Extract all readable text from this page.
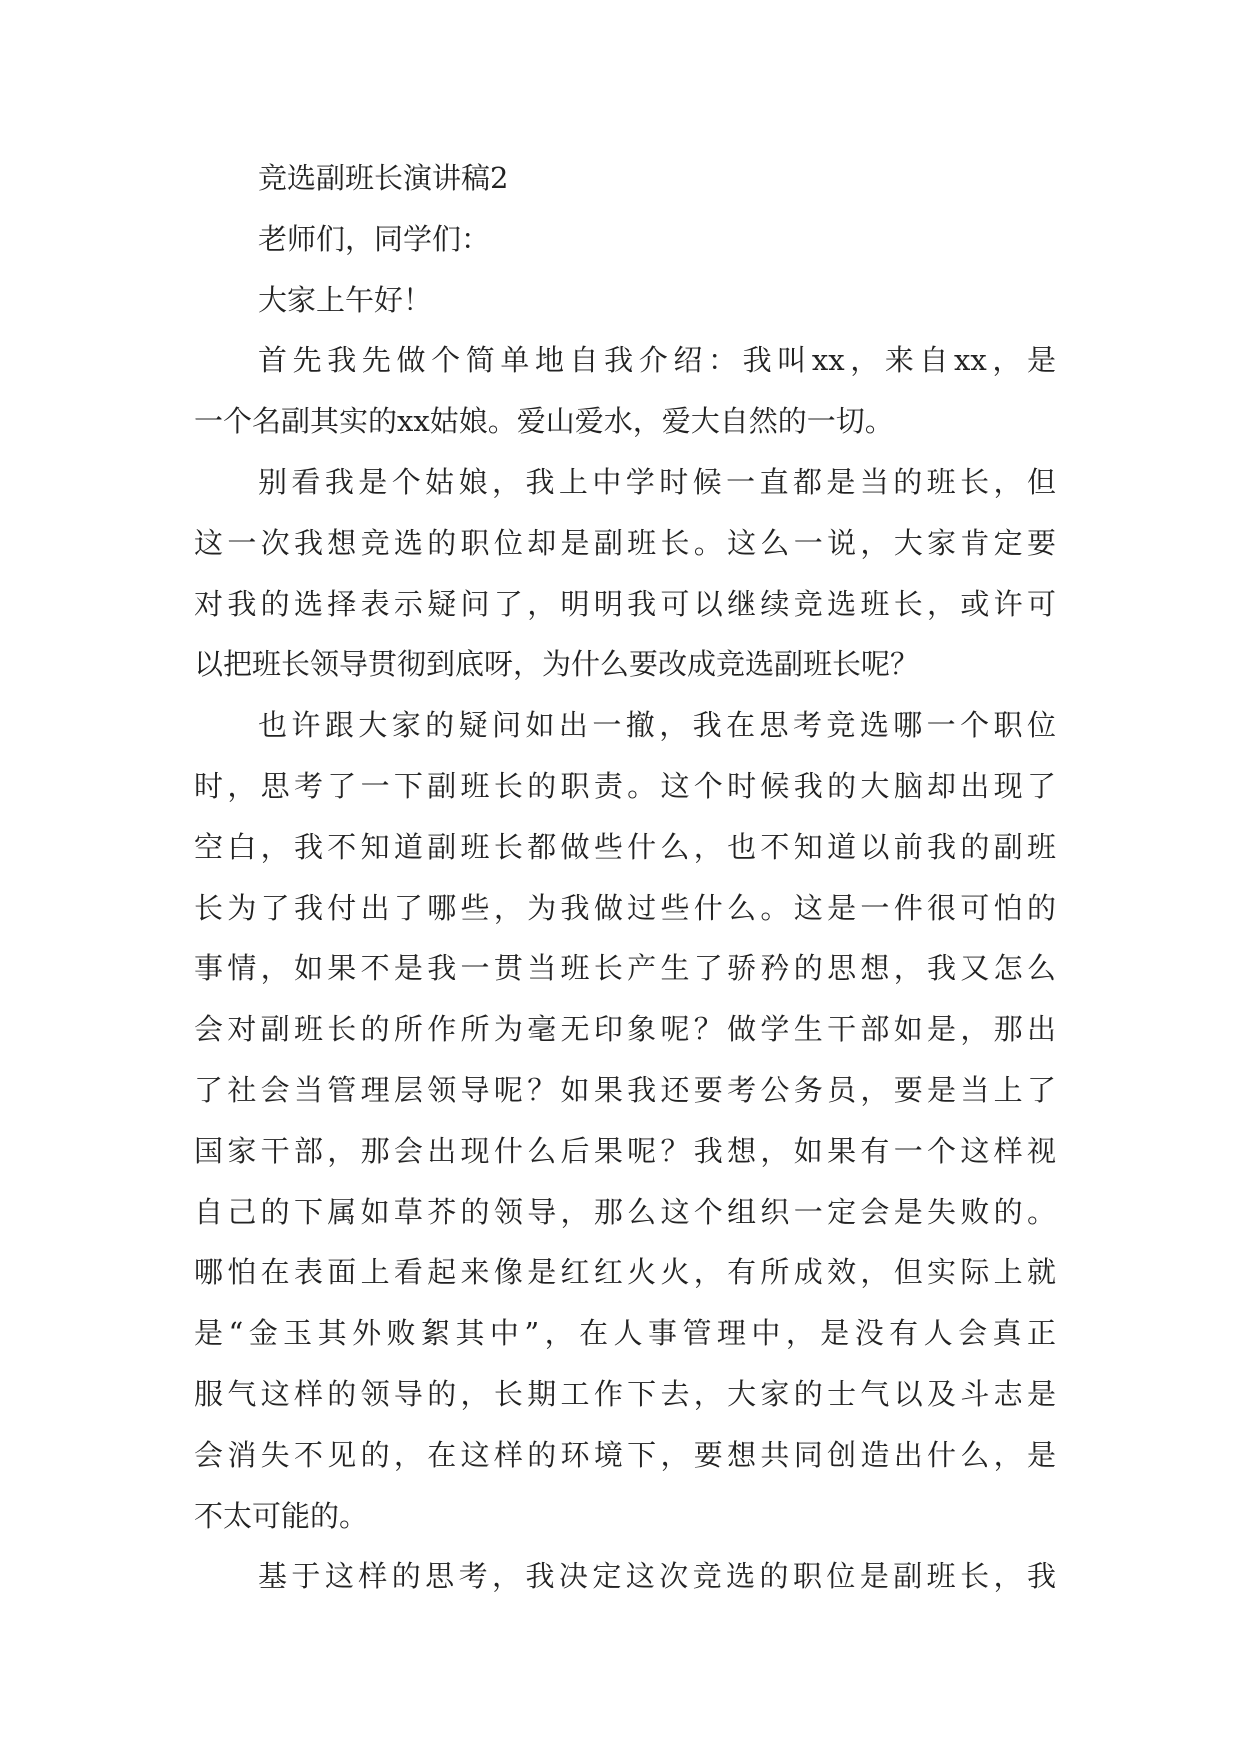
竞选副班长演讲稿2
老师们，同学们：
大家上午好！
首先我先做个简单地自我介绍：我叫xx，来自xx，是
一个名副其实的xx姑娘。爱山爱水，爱大自然的一切。
别看我是个姑娘，我上中学时候一直都是当的班长，但
这一次我想竞选的职位却是副班长。这么一说，大家肯定要
对我的选择表示疑问了，明明我可以继续竞选班长，或许可
以把班长领导贯彻到底呀，为什么要改成竞选副班长呢？
也许跟大家的疑问如出一撤，我在思考竞选哪一个职位
时，思考了一下副班长的职责。这个时候我的大脑却出现了
空白，我不知道副班长都做些什么，也不知道以前我的副班
长为了我付出了哪些，为我做过些什么。这是一件很可怕的
事情，如果不是我一贯当班长产生了骄矜的思想，我又怎么
会对副班长的所作所为毫无印象呢？做学生干部如是，那出
了社会当管理层领导呢？如果我还要考公务员，要是当上了
国家干部，那会出现什么后果呢？我想，如果有一个这样视
自己的下属如草芥的领导，那么这个组织一定会是失败的。
哪怕在表面上看起来像是红红火火，有所成效，但实际上就
是“金玉其外败絮其中”，在人事管理中，是没有人会真正
服气这样的领导的，长期工作下去，大家的士气以及斗志是
会消失不见的，在这样的环境下，要想共同创造出什么，是
不太可能的。
基于这样的思考，我决定这次竞选的职位是副班长，我
